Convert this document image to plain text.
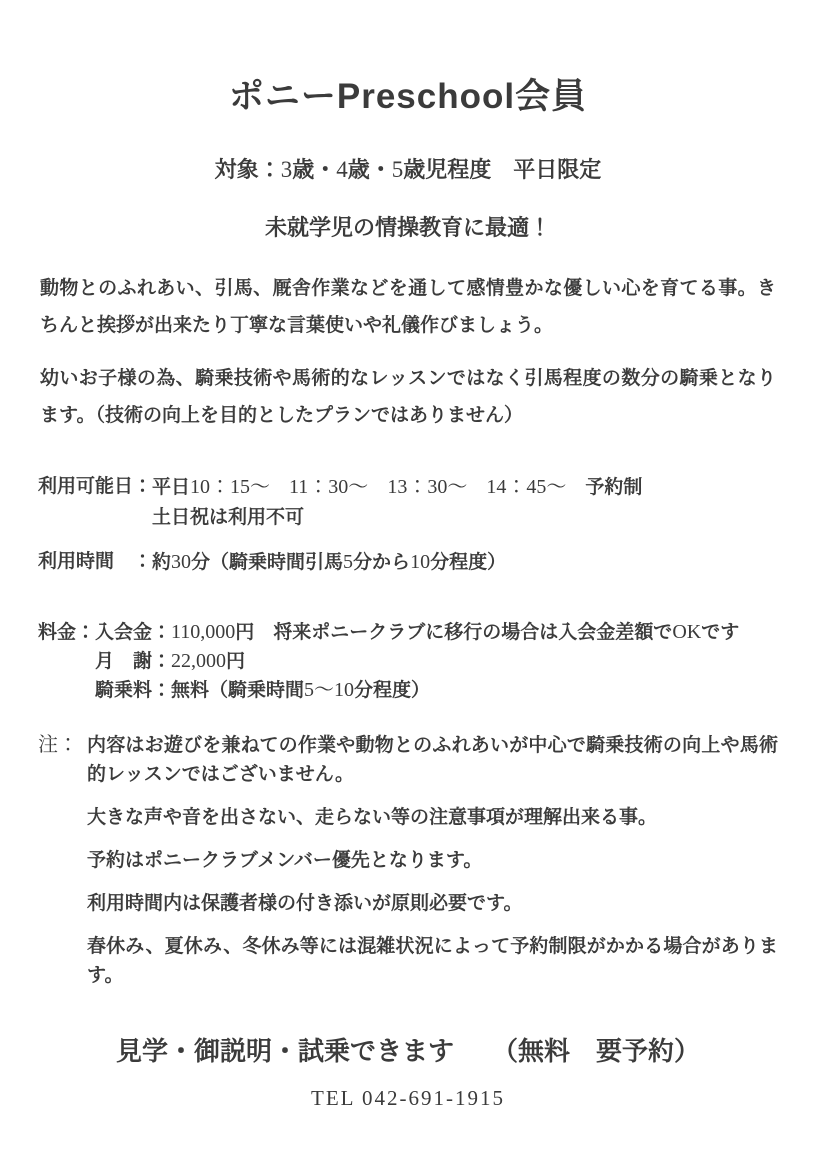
ポニーPreschool会員
対象：3歳・4歳・5歳児程度　平日限定
未就学児の情操教育に最適！

動物とのふれあい、引馬、厩舎作業などを通して感情豊かな優しい心を育てる事。きちんと挨拶が出来たり丁寧な言葉使いや礼儀作びましょう。

幼いお子様の為、騎乗技術や馬術的なレッスンではなく引馬程度の数分の騎乗となります。（技術の向上を目的としたプランではありません）

利用可能日： 平日10：15～　 11：30～　 13：30～　 14：45～　予約制
土日祝は利用不可
利用時間　： 約30分（騎乗時間引馬5分から10分程度）
料金： 入会金：110,000円　将来ポニークラブに移行の場合は入会金差額でOKです
月　謝：22,000円
騎乗料：無料（騎乗時間5～10分程度）
注： 内容はお遊びを兼ねての作業や動物とのふれあいが中心で騎乗技術の向上や馬術的レッスンではございません。

大きな声や音を出さない、走らない等の注意事項が理解出来る事。

予約はポニークラブメンバー優先となります。

利用時間内は保護者様の付き添いが原則必要です。

春休み、夏休み、冬休み等には混雑状況によって予約制限がかかる場合があります。

見学・御説明・試乗できます （無料　要予約）
TEL 042-691-1915
